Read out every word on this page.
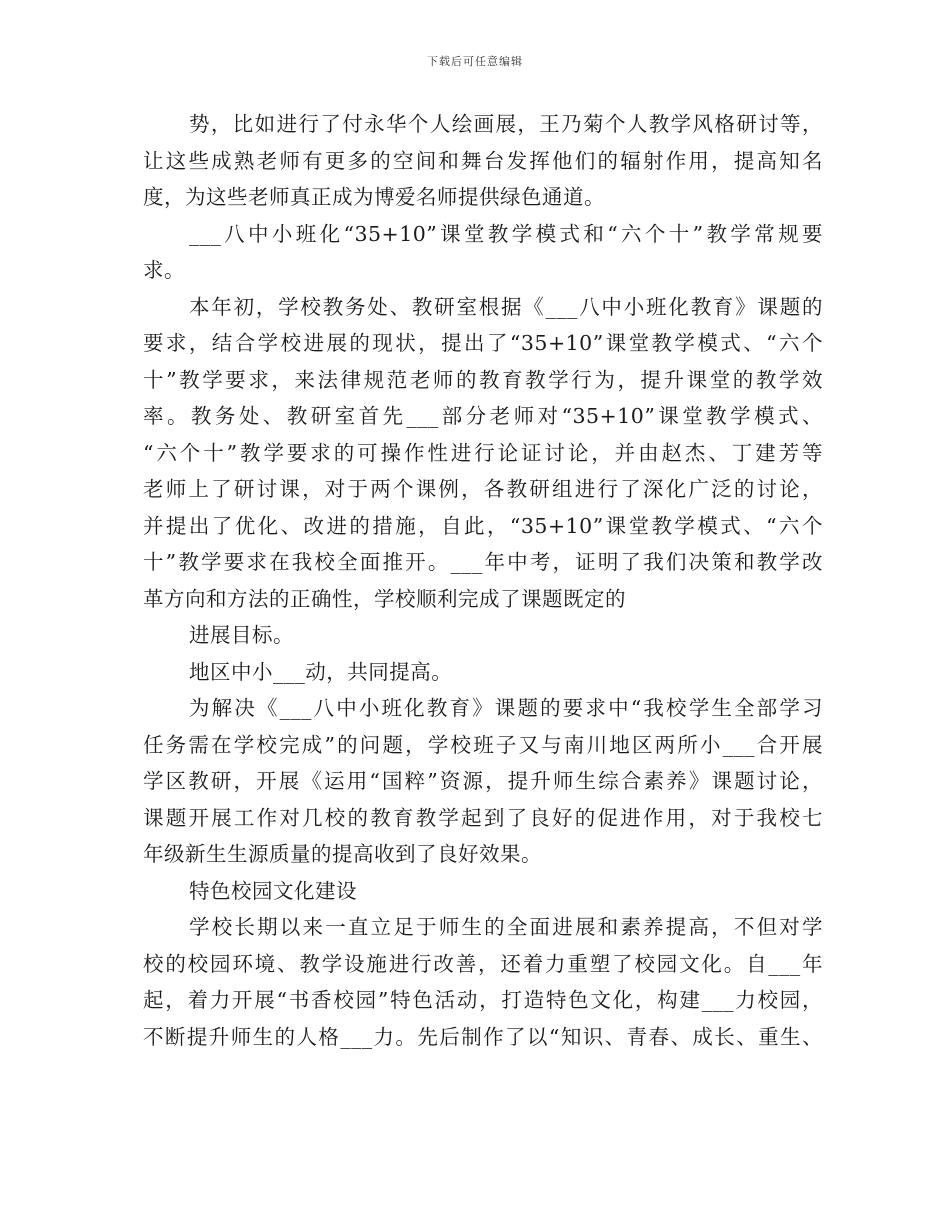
下载后可任意编辑
势，比如进行了付永华个人绘画展，王乃菊个人教学风格研讨等，
让这些成熟老师有更多的空间和舞台发挥他们的辐射作用，提高知名
度，为这些老师真正成为博爱名师提供绿色通道。
___八中小班化“35+10”课堂教学模式和“六个十”教学常规要
求。
本年初，学校教务处、教研室根据《___八中小班化教育》课题的
要求，结合学校进展的现状，提出了“35+10”课堂教学模式、“六个
十”教学要求，来法律规范老师的教育教学行为，提升课堂的教学效
率。教务处、教研室首先___部分老师对“35+10”课堂教学模式、
“六个十”教学要求的可操作性进行论证讨论，并由赵杰、丁建芳等
老师上了研讨课，对于两个课例，各教研组进行了深化广泛的讨论，
并提出了优化、改进的措施，自此，“35+10”课堂教学模式、“六个
十”教学要求在我校全面推开。___年中考，证明了我们决策和教学改
革方向和方法的正确性，学校顺利完成了课题既定的
进展目标。
地区中小___动，共同提高。
为解决《___八中小班化教育》课题的要求中“我校学生全部学习
任务需在学校完成”的问题，学校班子又与南川地区两所小___合开展
学区教研，开展《运用“国粹”资源，提升师生综合素养》课题讨论，
课题开展工作对几校的教育教学起到了良好的促进作用，对于我校七
年级新生生源质量的提高收到了良好效果。
特色校园文化建设
学校长期以来一直立足于师生的全面进展和素养提高，不但对学
校的校园环境、教学设施进行改善，还着力重塑了校园文化。自___年
起，着力开展“书香校园”特色活动，打造特色文化，构建___力校园，
不断提升师生的人格___力。先后制作了以“知识、青春、成长、重生、
